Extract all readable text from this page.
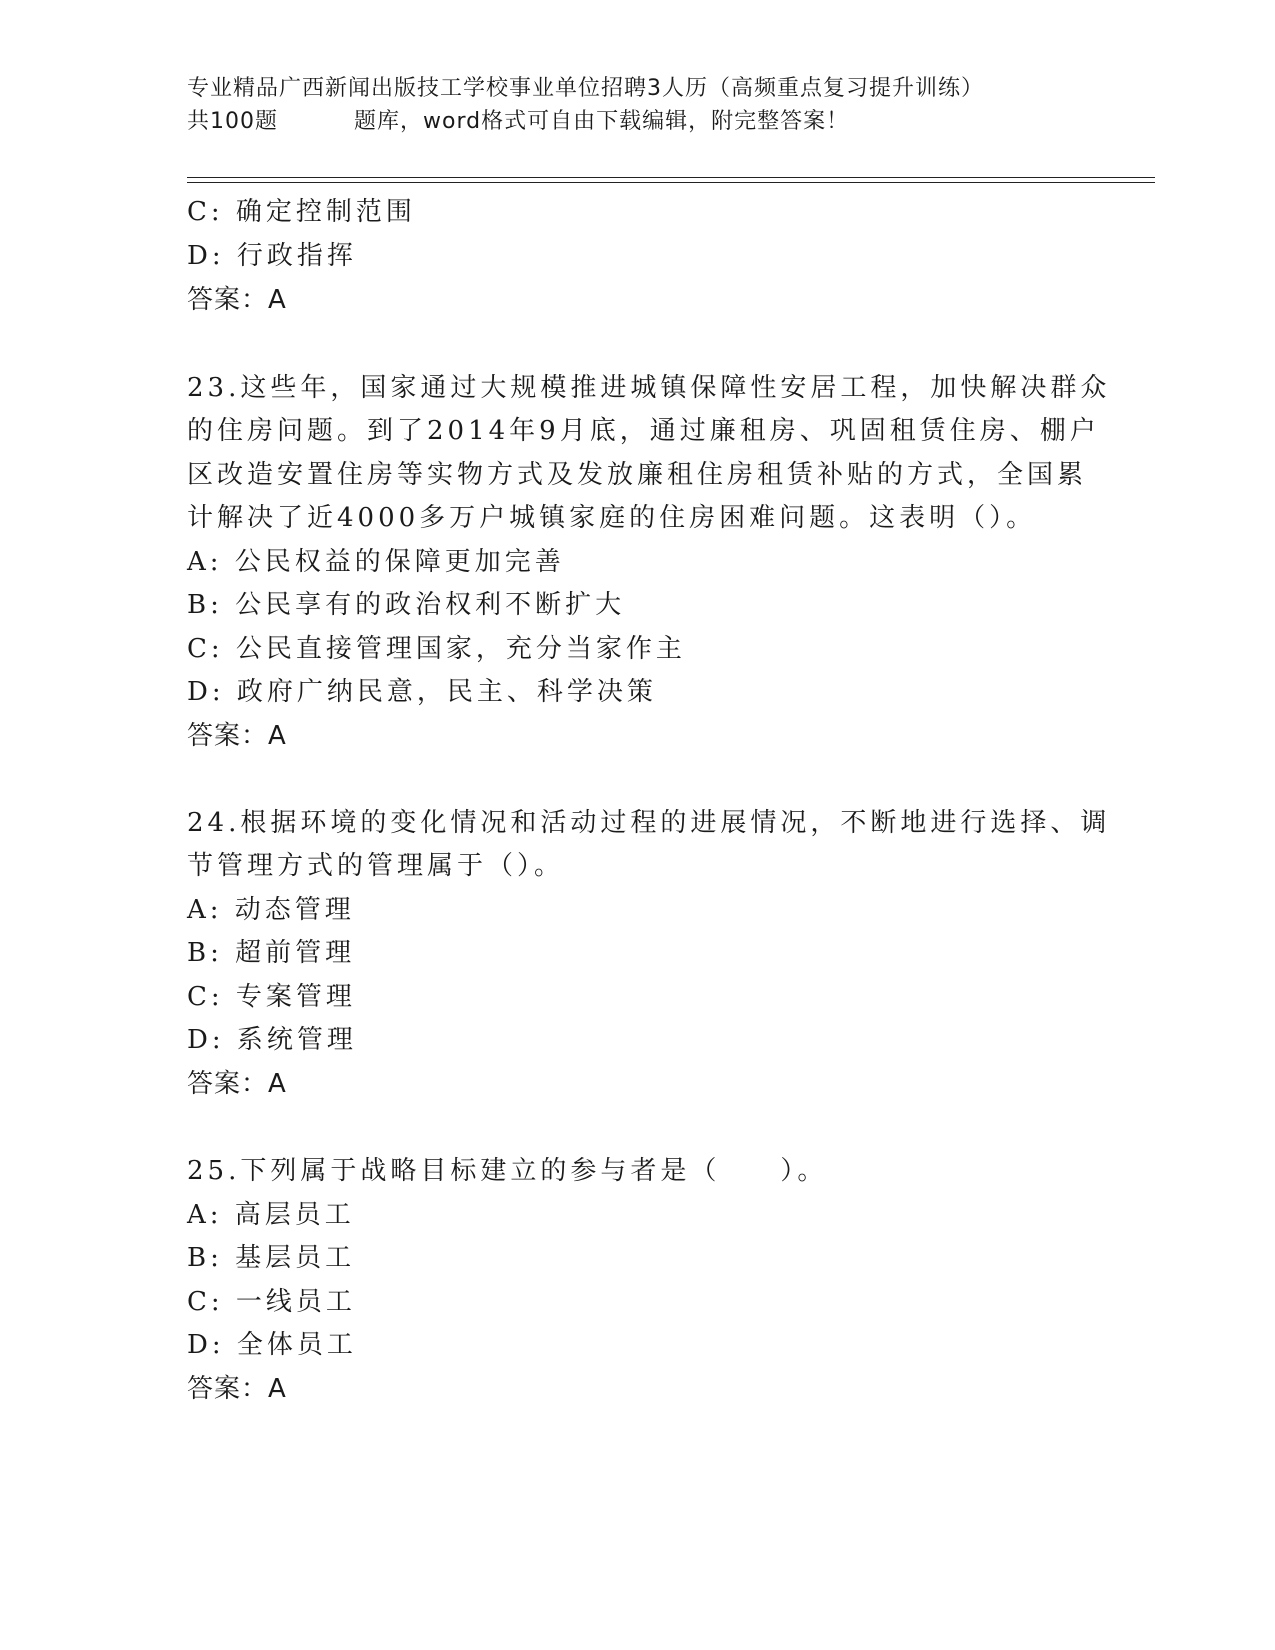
专业精品广西新闻出版技工学校事业单位招聘3人历（高频重点复习提升训练）
共100题	题库，word格式可自由下载编辑，附完整答案！
C: 确定控制范围
D: 行政指挥
答案：A
23.这些年，国家通过大规模推进城镇保障性安居工程，加快解决群众
的住房问题。到了2014年9月底，通过廉租房、巩固租赁住房、棚户
区改造安置住房等实物方式及发放廉租住房租赁补贴的方式，全国累
计解决了近4000多万户城镇家庭的住房困难问题。这表明（）。
A: 公民权益的保障更加完善
B: 公民享有的政治权利不断扩大
C: 公民直接管理国家，充分当家作主
D: 政府广纳民意，民主、科学决策
答案：A
24.根据环境的变化情况和活动过程的进展情况，不断地进行选择、调
节管理方式的管理属于（）。
A: 动态管理
B: 超前管理
C: 专案管理
D: 系统管理
答案：A
25.下列属于战略目标建立的参与者是（　　）。
A: 高层员工
B: 基层员工
C: 一线员工
D: 全体员工
答案：A
